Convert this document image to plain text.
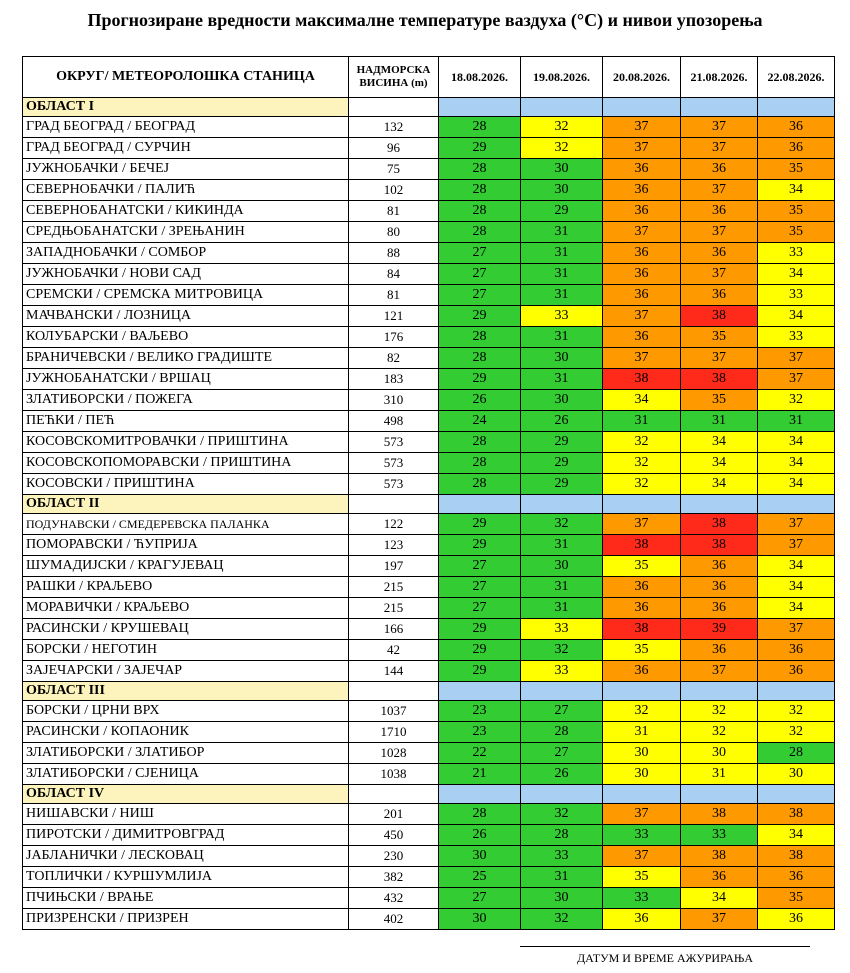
Прогнозиране вредности максималне температуре ваздуха (°C) и нивои упозорења
ОКРУГ/ МЕТЕОРОЛОШКА СТАНИЦА	НАДМОРСКА ВИСИНА (m)	18.08.2026.	19.08.2026.	20.08.2026.	21.08.2026.	22.08.2026.
ОБЛАСТ I						
ГРАД БЕОГРАД / БЕОГРАД	132	28	32	37	37	36
ГРАД БЕОГРАД / СУРЧИН	96	29	32	37	37	36
ЈУЖНОБАЧКИ / БЕЧЕЈ	75	28	30	36	36	35
СЕВЕРНОБАЧКИ / ПАЛИЋ	102	28	30	36	37	34
СЕВЕРНОБАНАТСКИ / КИКИНДА	81	28	29	36	36	35
СРЕДЊОБАНАТСКИ / ЗРЕЊАНИН	80	28	31	37	37	35
ЗАПАДНОБАЧКИ / СОМБОР	88	27	31	36	36	33
ЈУЖНОБАЧКИ / НОВИ САД	84	27	31	36	37	34
СРЕМСКИ / СРЕМСКА МИТРОВИЦА	81	27	31	36	36	33
МАЧВАНСКИ / ЛОЗНИЦА	121	29	33	37	38	34
КОЛУБАРСКИ / ВАЉЕВО	176	28	31	36	35	33
БРАНИЧЕВСКИ / ВЕЛИКО ГРАДИШТЕ	82	28	30	37	37	37
ЈУЖНОБАНАТСКИ / ВРШАЦ	183	29	31	38	38	37
ЗЛАТИБОРСКИ / ПОЖЕГА	310	26	30	34	35	32
ПЕЋКИ / ПЕЋ	498	24	26	31	31	31
КОСОВСКОМИТРОВАЧКИ / ПРИШТИНА	573	28	29	32	34	34
КОСОВСКОПОМОРАВСКИ / ПРИШТИНА	573	28	29	32	34	34
КОСОВСКИ / ПРИШТИНА	573	28	29	32	34	34
ОБЛАСТ II						
ПОДУНАВСКИ / СМЕДЕРЕВСКА ПАЛАНКА	122	29	32	37	38	37
ПОМОРАВСКИ / ЋУПРИЈА	123	29	31	38	38	37
ШУМАДИЈСКИ / КРАГУЈЕВАЦ	197	27	30	35	36	34
РАШКИ / КРАЉЕВО	215	27	31	36	36	34
МОРАВИЧКИ / КРАЉЕВО	215	27	31	36	36	34
РАСИНСКИ / КРУШЕВАЦ	166	29	33	38	39	37
БОРСКИ / НЕГОТИН	42	29	32	35	36	36
ЗАЈЕЧАРСКИ / ЗАЈЕЧАР	144	29	33	36	37	36
ОБЛАСТ III						
БОРСКИ / ЦРНИ ВРХ	1037	23	27	32	32	32
РАСИНСКИ / КОПАОНИК	1710	23	28	31	32	32
ЗЛАТИБОРСКИ / ЗЛАТИБОР	1028	22	27	30	30	28
ЗЛАТИБОРСКИ / СЈЕНИЦА	1038	21	26	30	31	30
ОБЛАСТ IV						
НИШАВСКИ / НИШ	201	28	32	37	38	38
ПИРОТСКИ / ДИМИТРОВГРАД	450	26	28	33	33	34
ЈАБЛАНИЧКИ / ЛЕСКОВАЦ	230	30	33	37	38	38
ТОПЛИЧКИ / КУРШУМЛИЈА	382	25	31	35	36	36
ПЧИЊСКИ / ВРАЊЕ	432	27	30	33	34	35
ПРИЗРЕНСКИ / ПРИЗРЕН	402	30	32	36	37	36
ДАТУМ И ВРЕМЕ АЖУРИРАЊА
